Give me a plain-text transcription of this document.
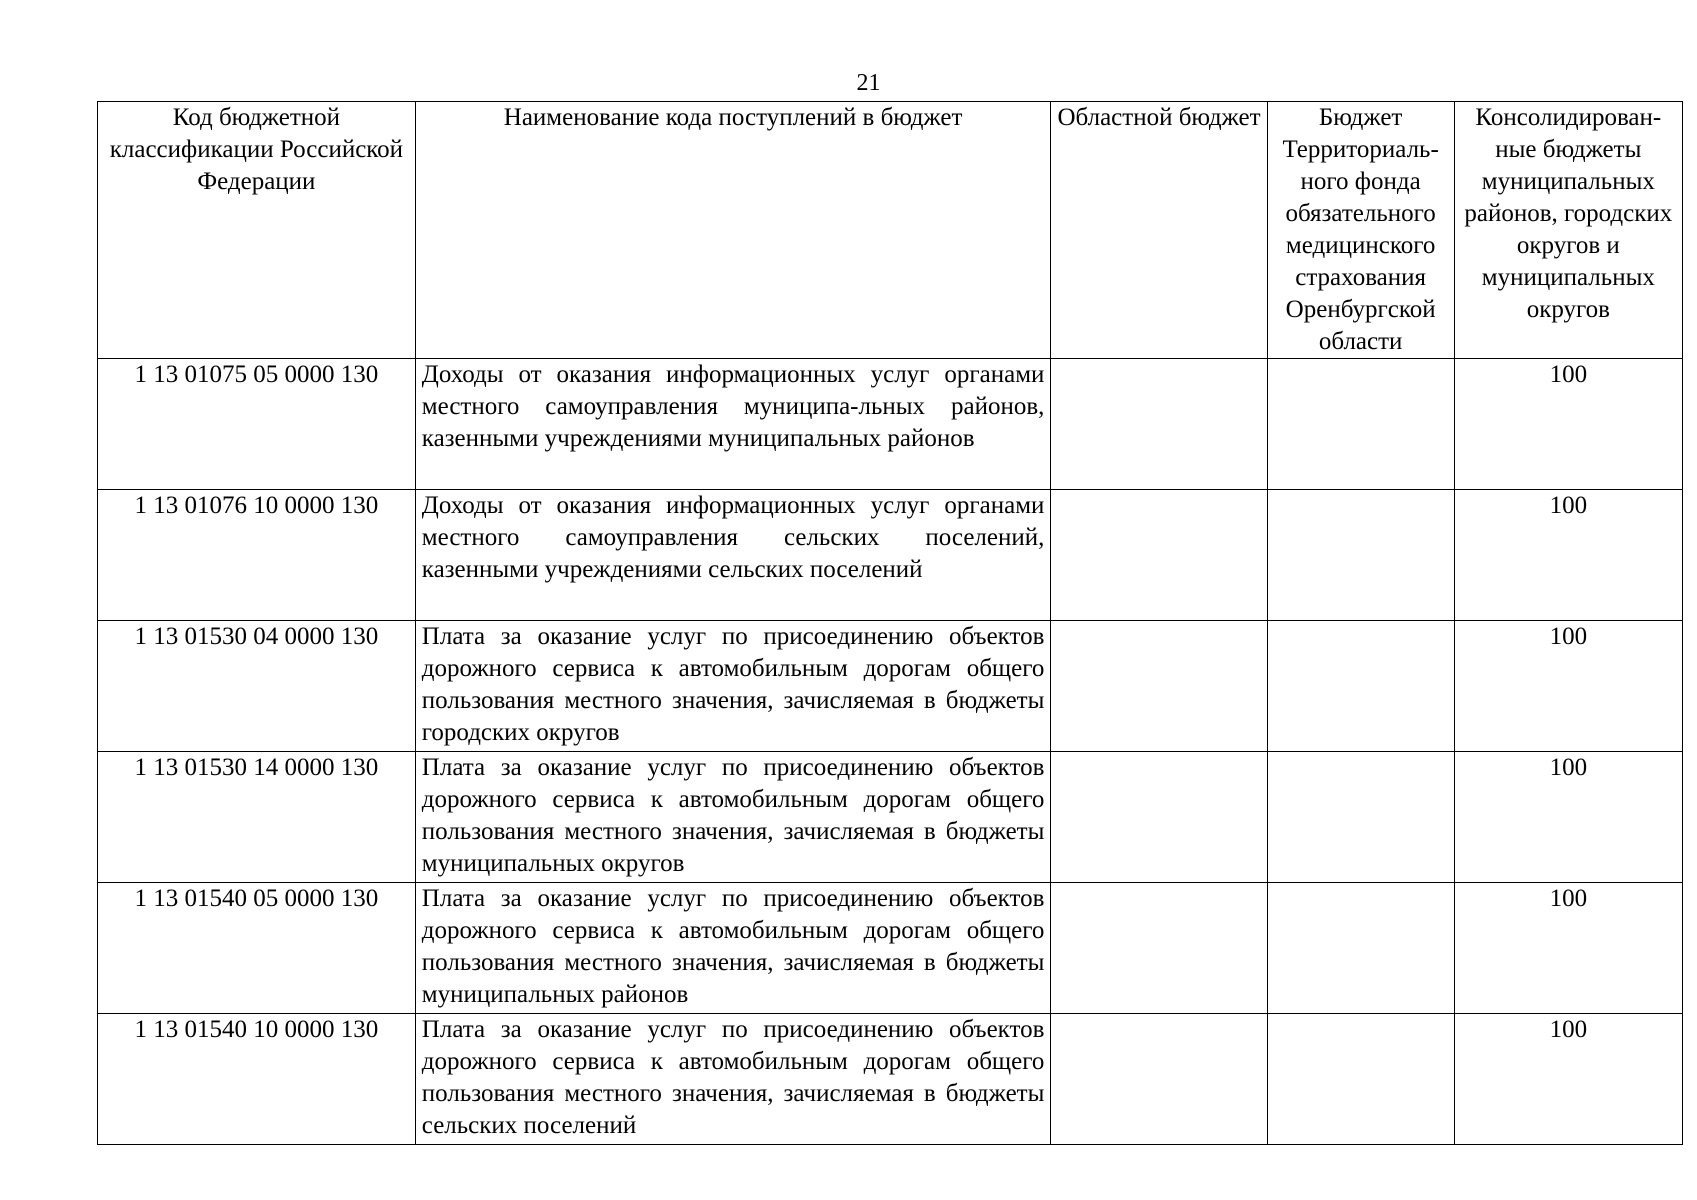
21
Код бюджетной классификации Российской Федерации	Наименование кода поступлений в бюджет	Областной бюджет	Бюджет Территориаль-ного фонда обязательного медицинского страхования Оренбургской области	Консолидирован-ные бюджеты муниципальных районов, городских округов и муниципальных округов
1 13 01075 05 0000 130	Доходы от оказания информационных услуг органами местного самоуправления муниципа-льных районов, казенными учреждениями муниципальных районов			100
1 13 01076 10 0000 130	Доходы от оказания информационных услуг органами местного самоуправления сельских поселений, казенными учреждениями сельских поселений			100
1 13 01530 04 0000 130	Плата за оказание услуг по присоединению объектов дорожного сервиса к автомобильным дорогам общего пользования местного значения, зачисляемая в бюджеты городских округов			100
1 13 01530 14 0000 130	Плата за оказание услуг по присоединению объектов дорожного сервиса к автомобильным дорогам общего пользования местного значения, зачисляемая в бюджеты муниципальных округов			100
1 13 01540 05 0000 130	Плата за оказание услуг по присоединению объектов дорожного сервиса к автомобильным дорогам общего пользования местного значения, зачисляемая в бюджеты муниципальных районов			100
1 13 01540 10 0000 130	Плата за оказание услуг по присоединению объектов дорожного сервиса к автомобильным дорогам общего пользования местного значения, зачисляемая в бюджеты сельских поселений			100
